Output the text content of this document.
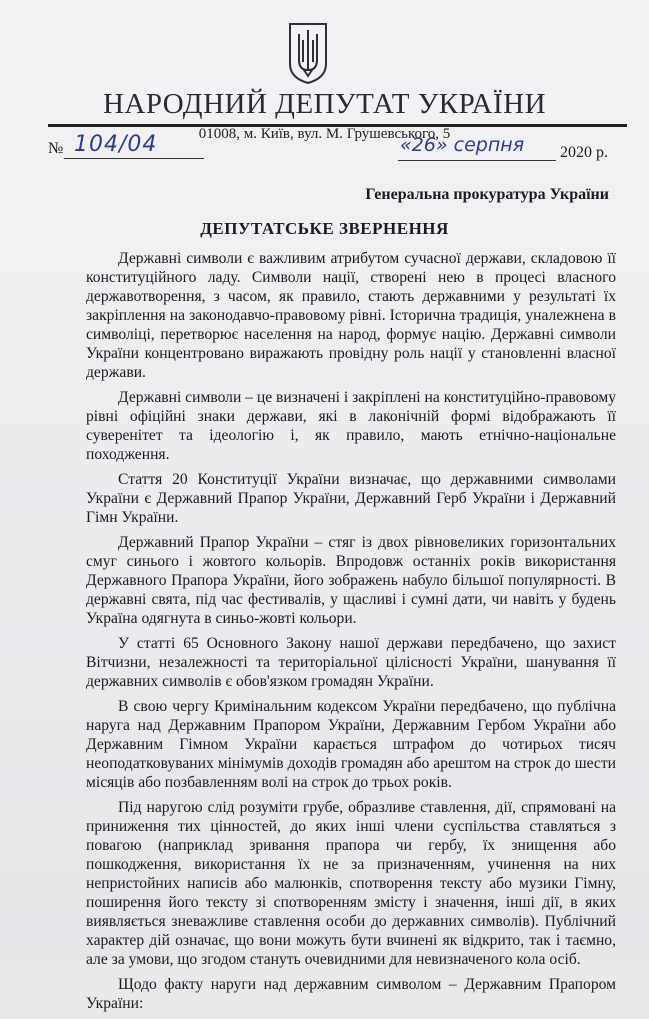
НАРОДНИЙ ДЕПУТАТ УКРАЇНИ
01008, м. Київ, вул. М. Грушевського, 5
№ 104/04	«26» серпня 2020 р.
Генеральна прокуратура України
ДЕПУТАТСЬКЕ ЗВЕРНЕННЯ

Державні символи є важливим атрибутом сучасної держави, складовою її конституційного ладу. Символи нації, створені нею в процесі власного державотворення, з часом, як правило, стають державними у результаті їх закріплення на законодавчо-правовому рівні. Історична традиція, уналежнена в символіці, перетворює населення на народ, формує націю. Державні символи України концентровано виражають провідну роль нації у становленні власної держави.

Державні символи – це визначені і закріплені на конституційно-правовому рівні офіційні знаки держави, які в лаконічній формі відображають її суверенітет та ідеологію і, як правило, мають етнічно-національне походження.

Стаття 20 Конституції України визначає, що державними символами України є Державний Прапор України, Державний Герб України і Державний Гімн України.

Державний Прапор України – стяг із двох рівновеликих горизонтальних смуг синього і жовтого кольорів. Впродовж останніх років використання Державного Прапора України, його зображень набуло більшої популярності. В державні свята, під час фестивалів, у щасливі і сумні дати, чи навіть у будень Україна одягнута в синьо-жовті кольори.

У статті 65 Основного Закону нашої держави передбачено, що захист Вітчизни, незалежності та територіальної цілісності України, шанування її державних символів є обов'язком громадян України.

В свою чергу Кримінальним кодексом України передбачено, що публічна наруга над Державним Прапором України, Державним Гербом України або Державним Гімном України карається штрафом до чотирьох тисяч неоподатковуваних мінімумів доходів громадян або арештом на строк до шести місяців або позбавленням волі на строк до трьох років.

Під наругою слід розуміти грубе, образливе ставлення, дії, спрямовані на приниження тих цінностей, до яких інші члени суспільства ставляться з повагою (наприклад зривання прапора чи гербу, їх знищення або пошкодження, використання їх не за призначенням, учинення на них непристойних написів або малюнків, спотворення тексту або музики Гімну, поширення його тексту зі спотворенням змісту і значення, інші дії, в яких виявляється зневажливе ставлення особи до державних символів). Публічний характер дій означає, що вони можуть бути вчинені як відкрито, так і таємно, але за умови, що згодом стануть очевидними для невизначеного кола осіб.

Щодо факту наруги над державним символом – Державним Прапором України:
